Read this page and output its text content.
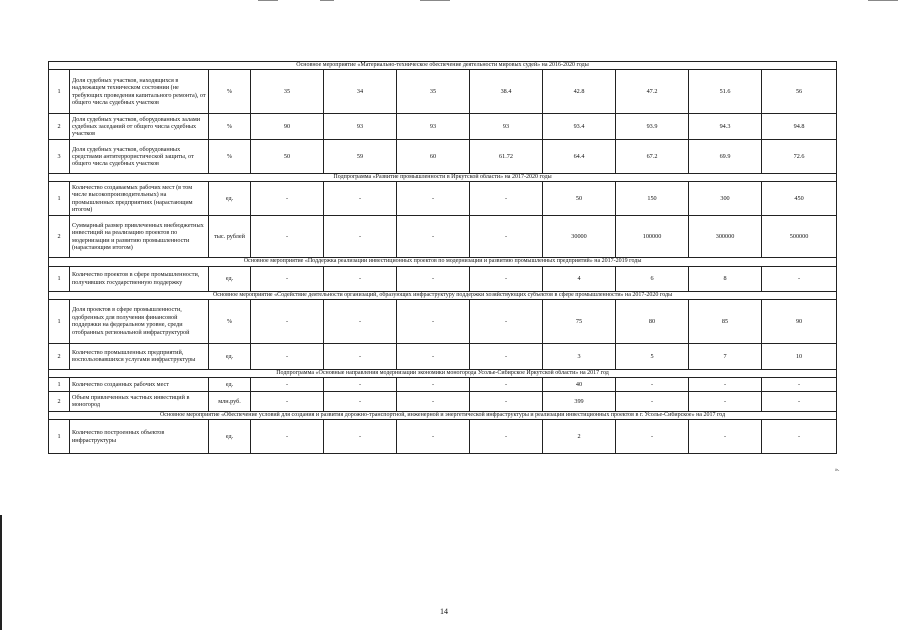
Основное мероприятие «Материально-техническое обеспечение деятельности мировых судей» на 2016-2020 годы										
1	Доля судебных участков, находящихся в надлежащем техническом состоянии (не требующих проведения капитального ремонта), от общего числа судебных участков	%	35	34	35	38.4	42.8	47.2	51.6	56
2	Доля судебных участков, оборудованных залами судебных заседаний от общего числа судебных участков	%	90	93	93	93	93.4	93.9	94.3	94.8
3	Доля судебных участков, оборудованных средствами антитеррористической защиты, от общего числа судебных участков	%	50	59	60	61.72	64.4	67.2	69.9	72.6
Подпрограмма «Развитие промышленности в Иркутской области» на 2017-2020 годы										
1	Количество создаваемых рабочих мест (в том числе высокопроизводительных) на промышленных предприятиях (нарастающим итогом)	ед.	-	-	-	-	50	150	300	450
2	Суммарный размер привлеченных внебюджетных инвестиций на реализацию проектов по модернизации и развитию промышленности (нарастающим итогом)	тыс. рублей	-	-	-	-	30000	100000	300000	500000
Основное мероприятие «Поддержка реализации инвестиционных проектов по модернизации и развитию промышленных предприятий» на 2017-2019 годы										
1	Количество проектов в сфере промышленности, получивших государственную поддержку	ед.	-	-	-	-	4	6	8	-
Основное мероприятие «Содействие деятельности организаций, образующих инфраструктуру поддержки хозяйствующих субъектов в сфере промышленности» на 2017-2020 годы										
1	Доля проектов в сфере промышленности, одобренных для получения финансовой поддержки на федеральном уровне, среди отобранных региональной инфраструктурой	%	-	-	-	-	75	80	85	90
2	Количество промышленных предприятий, воспользовавшихся услугами инфраструктуры	ед.	-	-	-	-	3	5	7	10
Подпрограмма «Основные направления модернизации экономики моногорода Усолье-Сибирское Иркутской области» на 2017 год										
1	Количество созданных рабочих мест	ед.	-	-	-	-	40	-	-	-
2	Объем привлеченных частных инвестиций в моногород	млн.руб.	-	-	-	-	399	-	-	-
Основное мероприятие «Обеспечение условий для создания и развития дорожно-транспортной, инженерной и энергетической инфраструктуры и реализации инвестиционных проектов в г. Усолье-Сибирское» на 2017 год										
1	Количество построенных объектов инфраструктуры	ед.	-	-	-	-	2	-	-	-
14
».
